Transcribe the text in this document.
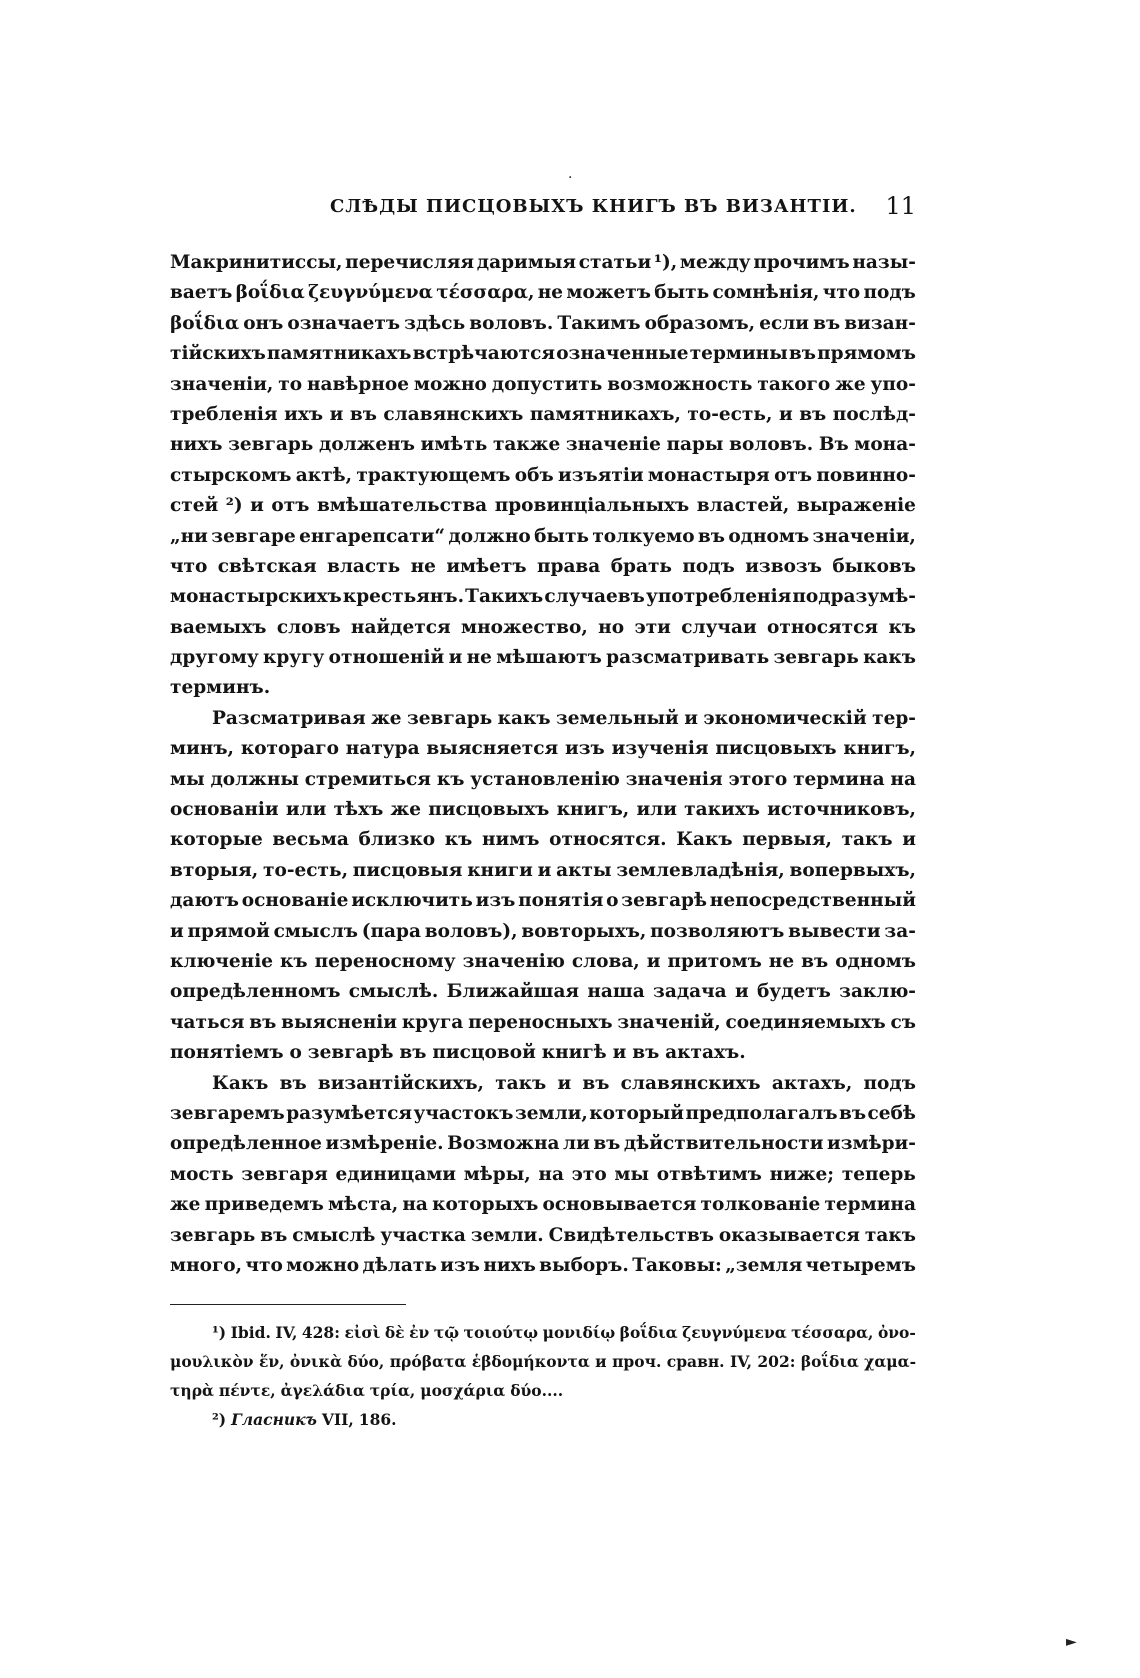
СЛѢДЫ ПИСЦОВЫХЪ КНИГЪ ВЪ ВИЗАНТІИ. 11
Макринитиссы, перечисляя даримыя статьи ¹), между прочимъ назы-
ваетъ βοΐδια ζευγνύμενα τέσσαρα, не можетъ быть сомнѣнія, что подъ
βοΐδια онъ означаетъ здѣсь воловъ. Такимъ образомъ, если въ визан-
тійскихъ памятникахъ встрѣчаются означенные термины въ прямомъ
значеніи, то навѣрное можно допустить возможность такого же упо-
требленія ихъ и въ славянскихъ памятникахъ, то-есть, и въ послѣд-
нихъ зевгарь долженъ имѣть также значеніе пары воловъ. Въ мона-
стырскомъ актѣ, трактующемъ объ изъятіи монастыря отъ повинно-
стей ²) и отъ вмѣшательства провинціальныхъ властей, выраженіе
„ни зевгаре енгарепсати“ должно быть толкуемо въ одномъ значеніи,
что свѣтская власть не имѣетъ права брать подъ извозъ быковъ
монастырскихъ крестьянъ. Такихъ случаевъ употребленія подразумѣ-
ваемыхъ словъ найдется множество, но эти случаи относятся къ
другому кругу отношеній и не мѣшаютъ разсматривать зевгарь какъ
терминъ.
Разсматривая же зевгарь какъ земельный и экономическій тер-
минъ, котораго натура выясняется изъ изученія писцовыхъ книгъ,
мы должны стремиться къ установленію значенія этого термина на
основаніи или тѣхъ же писцовыхъ книгъ, или такихъ источниковъ,
которые весьма близко къ нимъ относятся. Какъ первыя, такъ и
вторыя, то-есть, писцовыя книги и акты землевладѣнія, вопервыхъ,
даютъ основаніе исключить изъ понятія о зевгарѣ непосредственный
и прямой смыслъ (пара воловъ), вовторыхъ, позволяютъ вывести за-
ключеніе къ переносному значенію слова, и притомъ не въ одномъ
опредѣленномъ смыслѣ. Ближайшая наша задача и будетъ заклю-
чаться въ выясненіи круга переносныхъ значеній, соединяемыхъ съ
понятіемъ о зевгарѣ въ писцовой книгѣ и въ актахъ.
Какъ въ византійскихъ, такъ и въ славянскихъ актахъ, подъ
зевгаремъ разумѣется участокъ земли, который предполагалъ въ себѣ
опредѣленное измѣреніе. Возможна ли въ дѣйствительности измѣри-
мость зевгаря единицами мѣры, на это мы отвѣтимъ ниже; теперь
же приведемъ мѣста, на которыхъ основывается толкованіе термина
зевгарь въ смыслѣ участка земли. Свидѣтельствъ оказывается такъ
много, что можно дѣлать изъ нихъ выборъ. Таковы: „земля четыремъ
¹) Ibid. IV, 428: εἰσὶ δὲ ἐν τῷ τοιούτῳ μονιδίῳ βοΐδια ζευγνύμενα τέσσαρα, ὀνο-
μουλικὸν ἕν, ὀνικὰ δύο, πρόβατα ἑβδομήκοντα и проч. сравн. IV, 202: βοΐδια χαμα-
τηρὰ πέντε, ἀγελάδια τρία, μοσχάρια δύο....
²) Гласникъ VII, 186.
·
►
